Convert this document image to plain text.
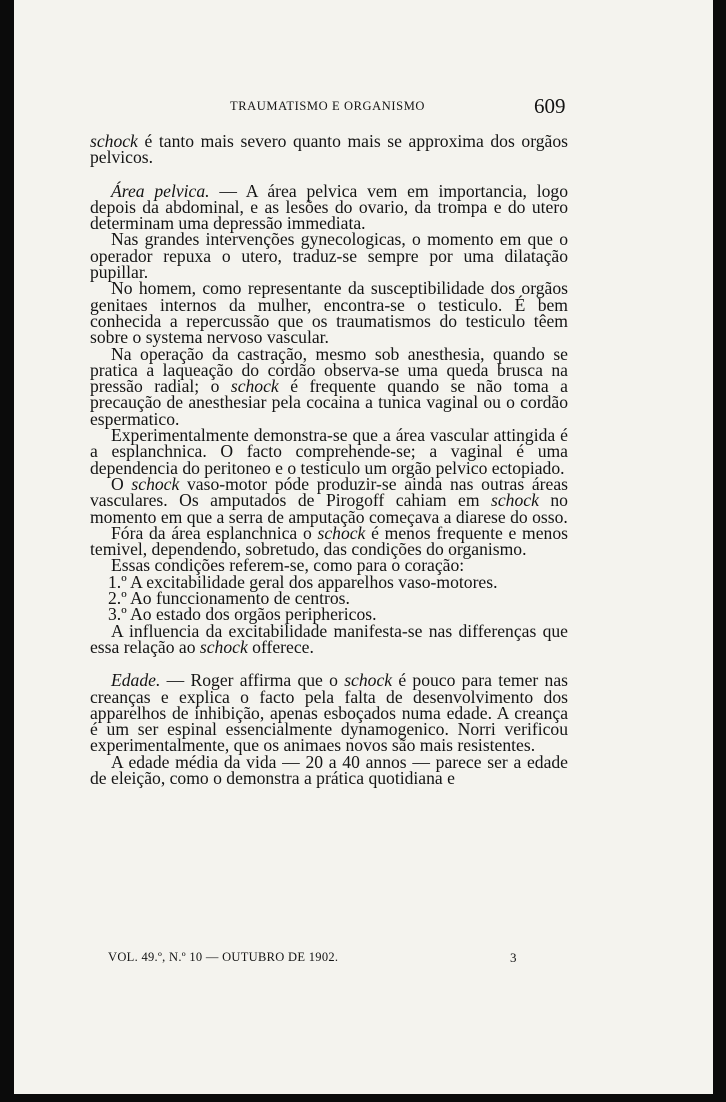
TRAUMATISMO E ORGANISMO	609

schock é tanto mais severo quanto mais se approxima dos orgãos pelvicos.

Área pelvica. — A área pelvica vem em importancia, logo depois da abdominal, e as lesões do ovario, da trompa e do utero determinam uma depressão immediata.

Nas grandes intervenções gynecologicas, o momento em que o operador repuxa o utero, traduz-se sempre por uma dilatação pupillar.

No homem, como representante da susceptibilidade dos orgãos genitaes internos da mulher, encontra-se o testiculo. É bem conhecida a repercussão que os traumatismos do testiculo têem sobre o systema nervoso vascular.

Na operação da castração, mesmo sob anesthesia, quando se pratica a laqueação do cordão observa-se uma queda brusca na pressão radial; o schock é frequente quando se não toma a precaução de anesthesiar pela cocaina a tunica vaginal ou o cordão espermatico.

Experimentalmente demonstra-se que a área vascular attingida é a esplanchnica. O facto comprehende-se; a vaginal é uma dependencia do peritoneo e o testiculo um orgão pelvico ectopiado.

O schock vaso-motor póde produzir-se ainda nas outras áreas vasculares. Os amputados de Pirogoff cahiam em schock no momento em que a serra de amputação começava a diarese do osso.

Fóra da área esplanchnica o schock é menos frequente e menos temivel, dependendo, sobretudo, das condições do organismo.

Essas condições referem-se, como para o coração:

1.º A excitabilidade geral dos apparelhos vaso-motores.

2.º Ao funccionamento de centros.

3.º Ao estado dos orgãos periphericos.

A influencia da excitabilidade manifesta-se nas differenças que essa relação ao schock offerece.

Edade. — Roger affirma que o schock é pouco para temer nas creanças e explica o facto pela falta de desenvolvimento dos apparelhos de inhibição, apenas esboçados numa edade. A creança é um ser espinal essencialmente dynamogenico. Norri verificou experimentalmente, que os animaes novos são mais resistentes.

A edade média da vida — 20 a 40 annos — parece ser a edade de eleição, como o demonstra a prática quotidiana e

VOL. 49.º, N.º 10 — OUTUBRO DE 1902.	3
